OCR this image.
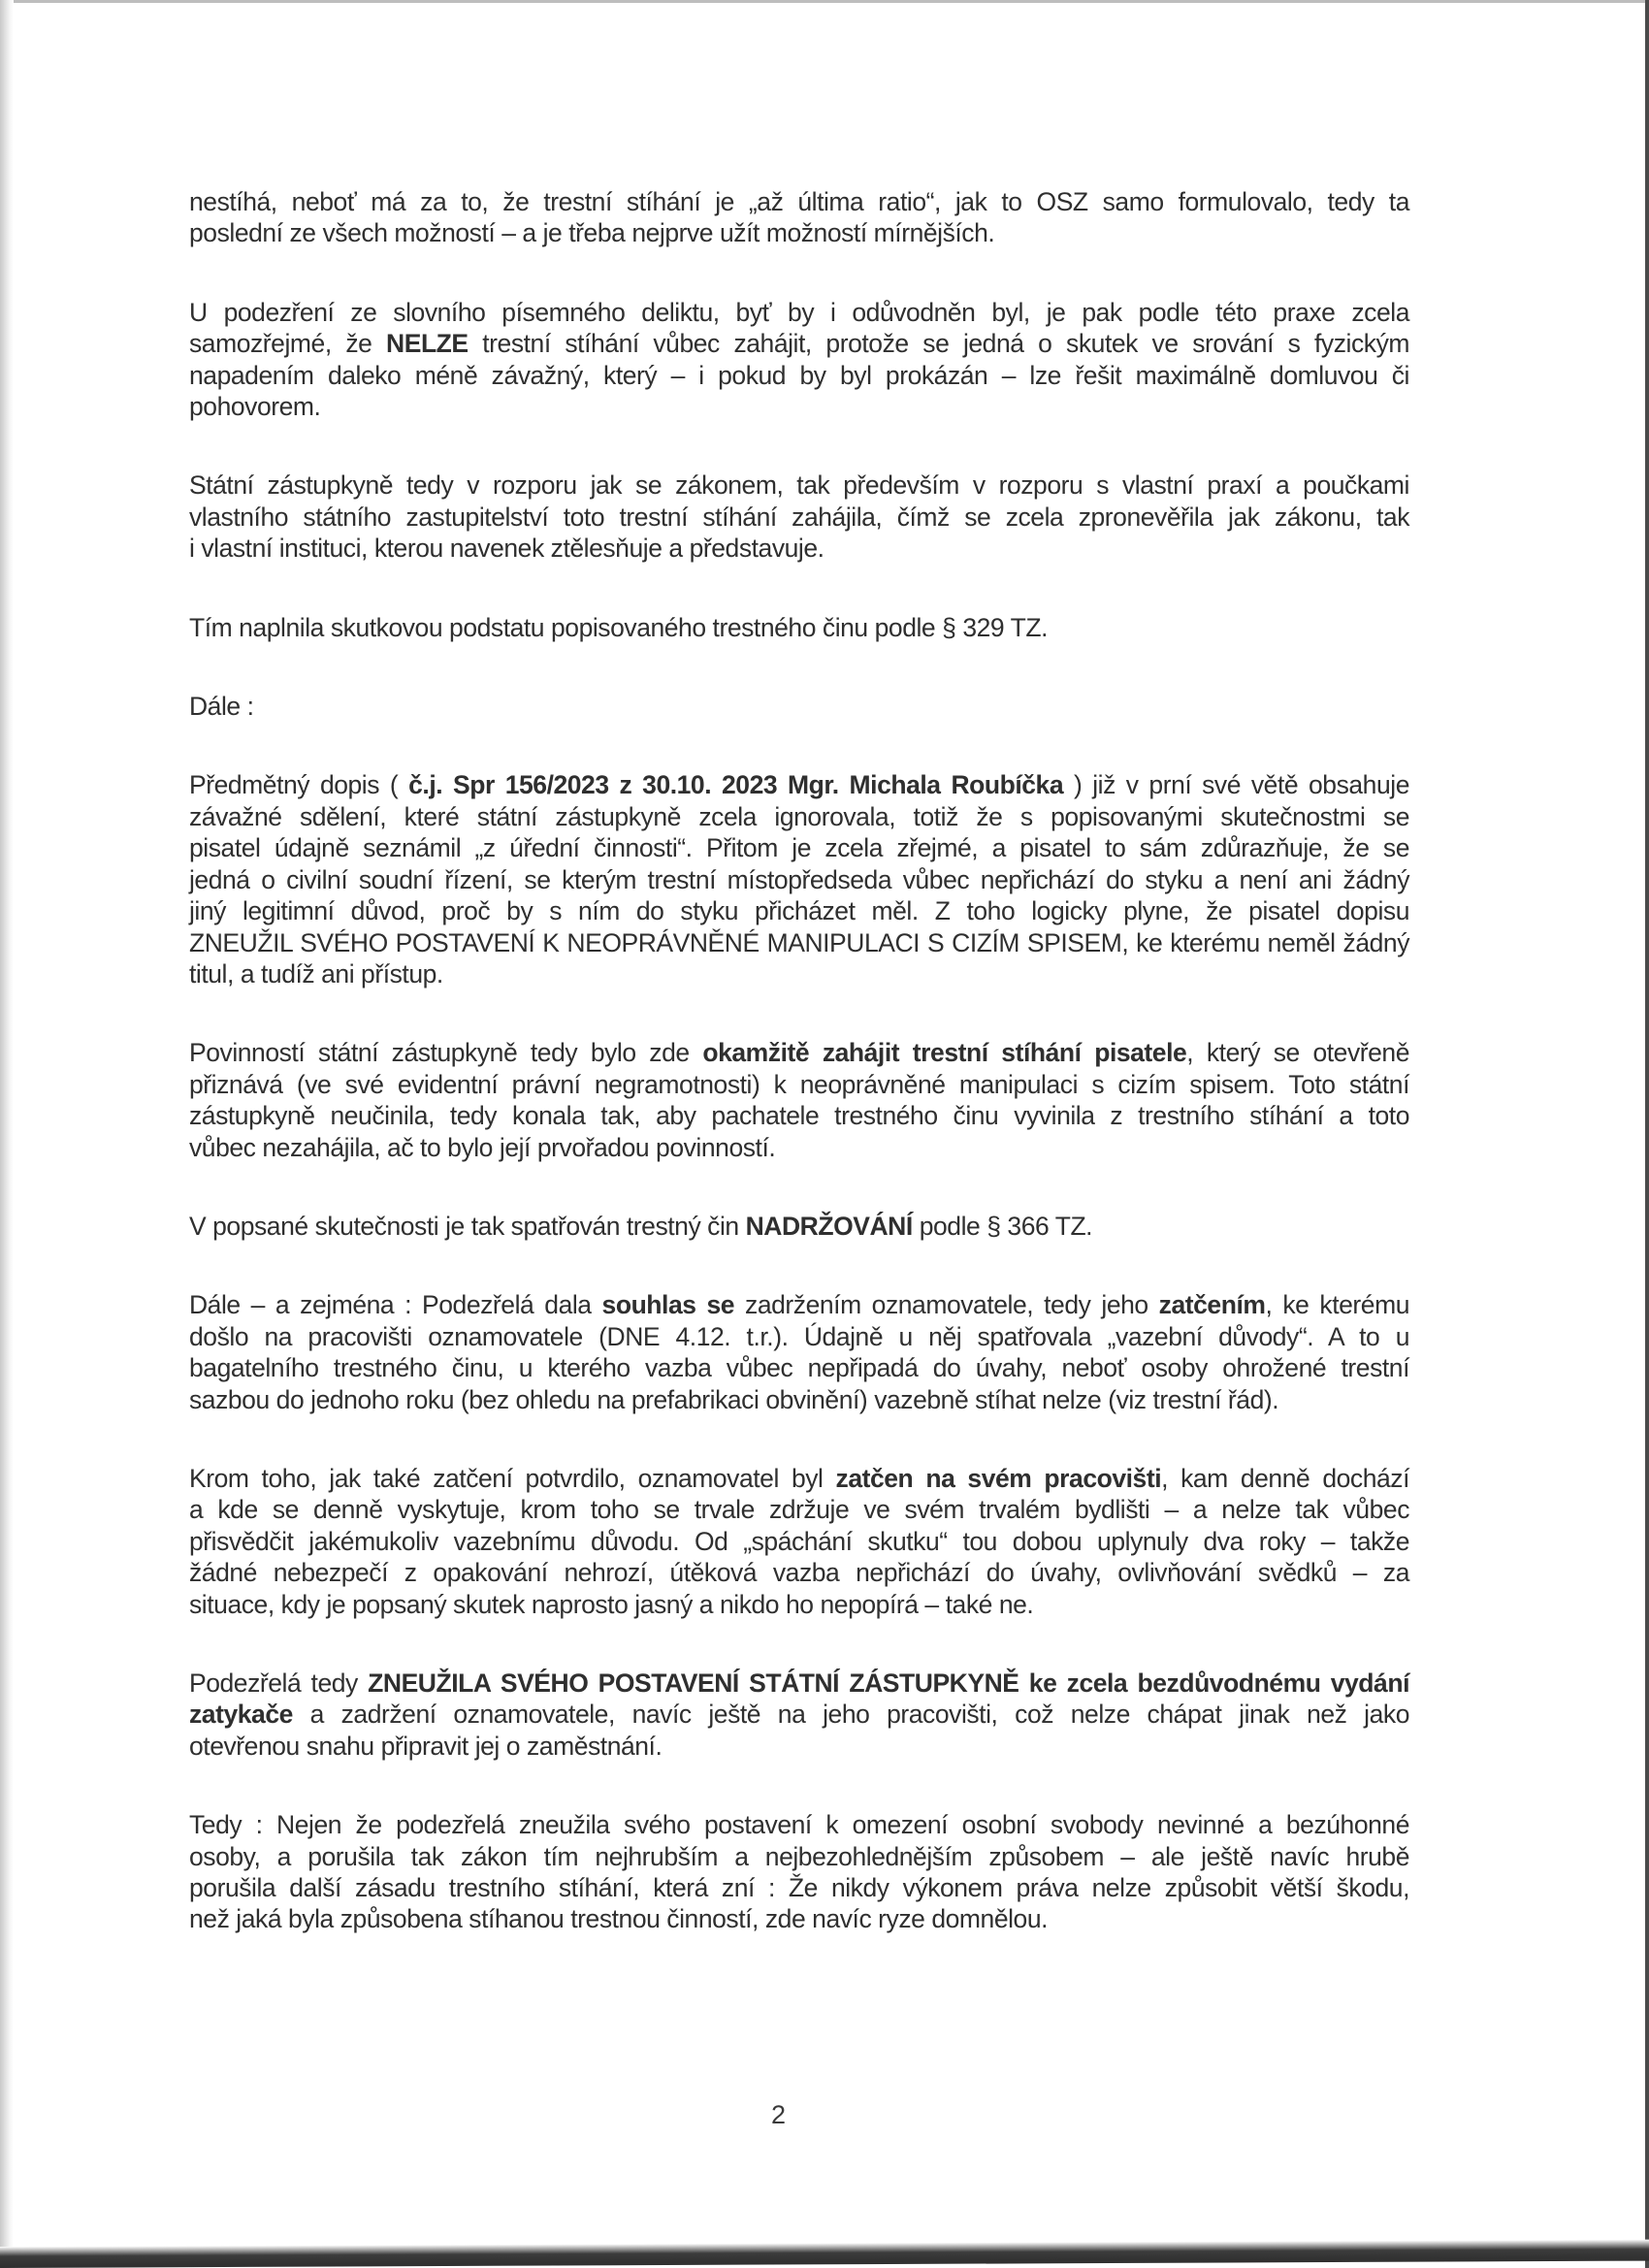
nestíhá, neboť má za to, že trestní stíhání je „až última ratio“, jak to OSZ samo formulovalo, tedy ta
poslední ze všech možností – a je třeba nejprve užít možností mírnějších.

U podezření ze slovního písemného deliktu, byť by i odůvodněn byl, je pak podle této praxe zcela
samozřejmé, že NELZE trestní stíhání vůbec zahájit, protože se jedná o skutek ve srování s fyzickým
napadením daleko méně závažný, který – i pokud by byl prokázán – lze řešit maximálně domluvou či
pohovorem.

Státní zástupkyně tedy v rozporu jak se zákonem, tak především v rozporu s vlastní praxí a poučkami
vlastního státního zastupitelství toto trestní stíhání zahájila, čímž se zcela zpronevěřila jak zákonu, tak
i vlastní instituci, kterou navenek ztělesňuje a představuje.

Tím naplnila skutkovou podstatu popisovaného trestného činu podle § 329 TZ.

Dále :

Předmětný dopis ( č.j. Spr 156/2023 z 30.10. 2023 Mgr. Michala Roubíčka ) již v prní své větě obsahuje
závažné sdělení, které státní zástupkyně zcela ignorovala, totiž že s popisovanými skutečnostmi se
pisatel údajně seznámil „z úřední činnosti“. Přitom je zcela zřejmé, a pisatel to sám zdůrazňuje, že se
jedná o civilní soudní řízení, se kterým trestní místopředseda vůbec nepřichází do styku a není ani žádný
jiný legitimní důvod, proč by s ním do styku přicházet měl. Z toho logicky plyne, že pisatel dopisu
ZNEUŽIL SVÉHO POSTAVENÍ K NEOPRÁVNĚNÉ MANIPULACI S CIZÍM SPISEM, ke kterému neměl žádný
titul, a tudíž ani přístup.

Povinností státní zástupkyně tedy bylo zde okamžitě zahájit trestní stíhání pisatele, který se otevřeně
přiznává (ve své evidentní právní negramotnosti) k neoprávněné manipulaci s cizím spisem. Toto státní
zástupkyně neučinila, tedy konala tak, aby pachatele trestného činu vyvinila z trestního stíhání a toto
vůbec nezahájila, ač to bylo její prvořadou povinností.

V popsané skutečnosti je tak spatřován trestný čin NADRŽOVÁNÍ podle § 366 TZ.

Dále – a zejména : Podezřelá dala souhlas se zadržením oznamovatele, tedy jeho zatčením, ke kterému
došlo na pracovišti oznamovatele (DNE 4.12. t.r.). Údajně u něj spatřovala „vazební důvody“. A to u
bagatelního trestného činu, u kterého vazba vůbec nepřipadá do úvahy, neboť osoby ohrožené trestní
sazbou do jednoho roku (bez ohledu na prefabrikaci obvinění) vazebně stíhat nelze (viz trestní řád).

Krom toho, jak také zatčení potvrdilo, oznamovatel byl zatčen na svém pracovišti, kam denně dochází
a kde se denně vyskytuje, krom toho se trvale zdržuje ve svém trvalém bydlišti – a nelze tak vůbec
přisvědčit jakémukoliv vazebnímu důvodu. Od „spáchání skutku“ tou dobou uplynuly dva roky – takže
žádné nebezpečí z opakování nehrozí, útěková vazba nepřichází do úvahy, ovlivňování svědků – za
situace, kdy je popsaný skutek naprosto jasný a nikdo ho nepopírá – také ne.

Podezřelá tedy ZNEUŽILA SVÉHO POSTAVENÍ STÁTNÍ ZÁSTUPKYNĚ ke zcela bezdůvodnému vydání
zatykače a zadržení oznamovatele, navíc ještě na jeho pracovišti, což nelze chápat jinak než jako
otevřenou snahu připravit jej o zaměstnání.

Tedy : Nejen že podezřelá zneužila svého postavení k omezení osobní svobody nevinné a bezúhonné
osoby, a porušila tak zákon tím nejhrubším a nejbezohlednějším způsobem – ale ještě navíc hrubě
porušila další zásadu trestního stíhání, která zní : Že nikdy výkonem práva nelze způsobit větší škodu,
než jaká byla způsobena stíhanou trestnou činností, zde navíc ryze domnělou.

2
